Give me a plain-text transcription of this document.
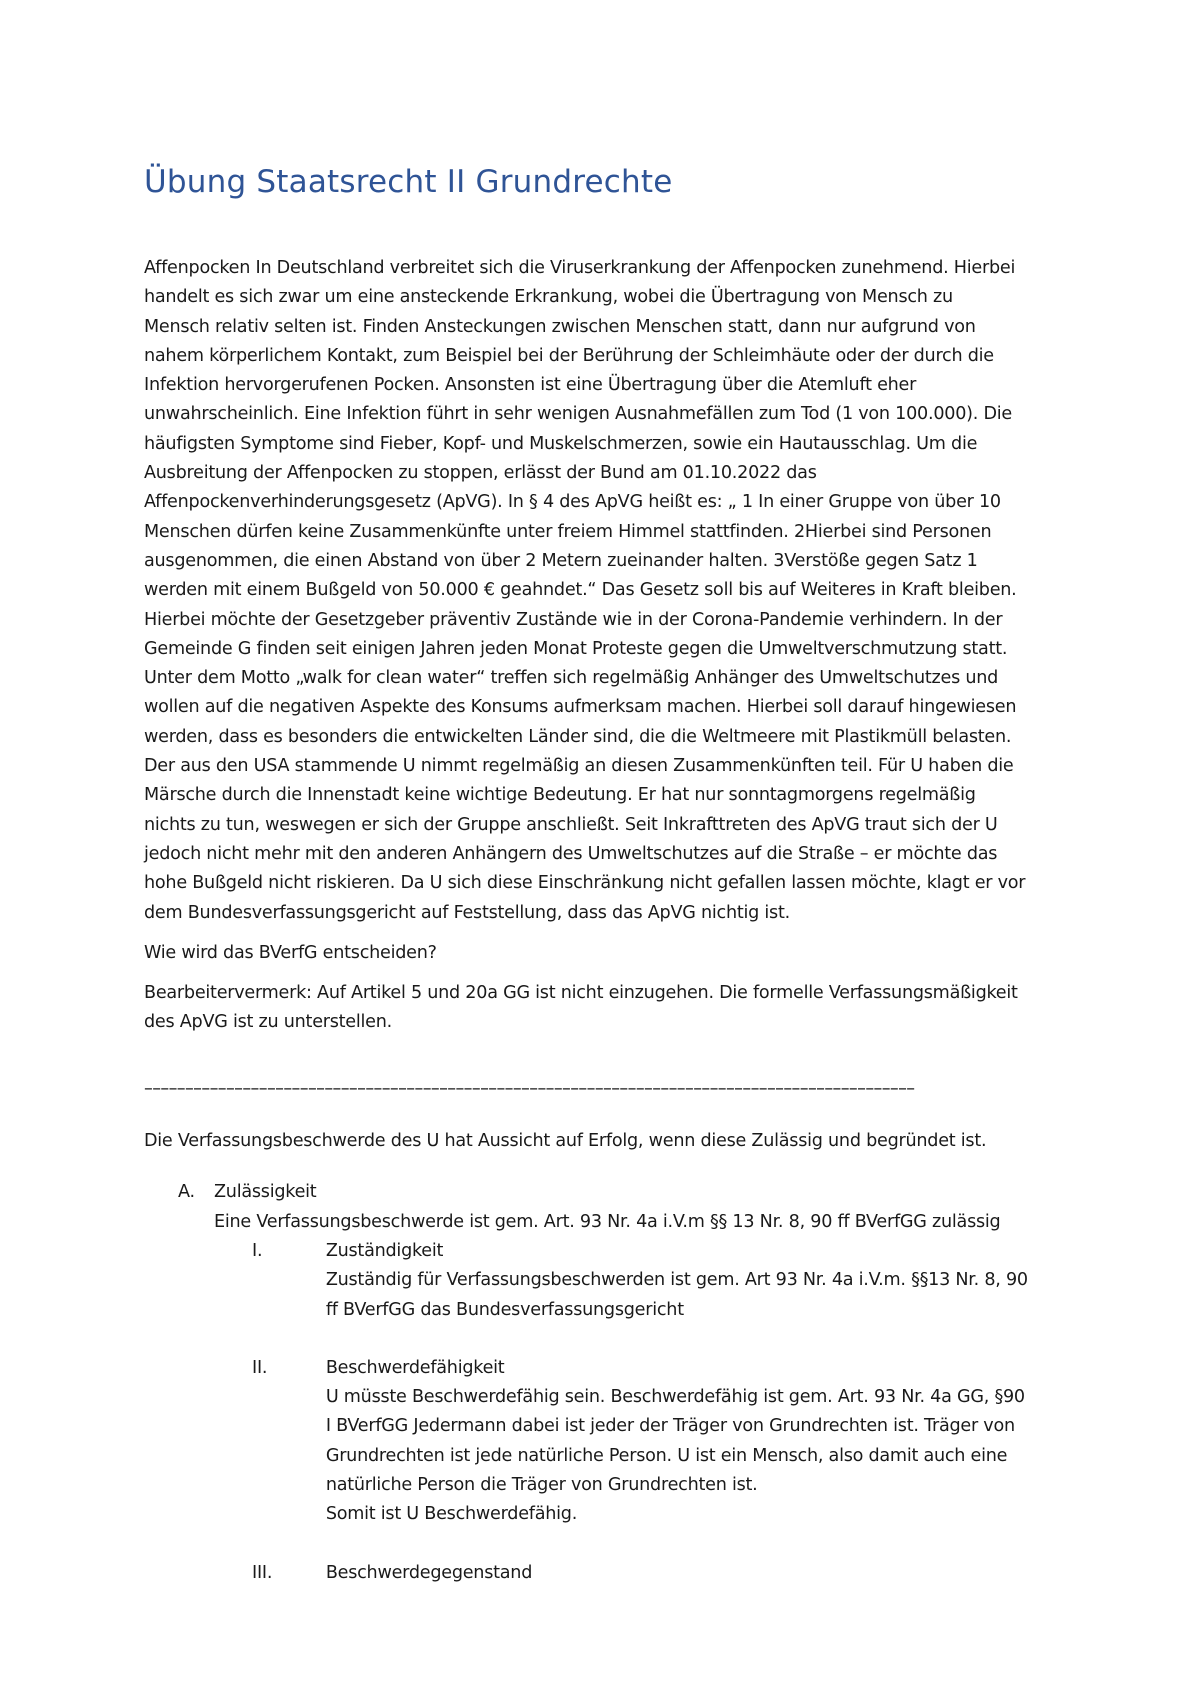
Übung Staatsrecht II Grundrechte

Affenpocken In Deutschland verbreitet sich die Viruserkrankung der Affenpocken zunehmend. Hierbei

handelt es sich zwar um eine ansteckende Erkrankung, wobei die Übertragung von Mensch zu

Mensch relativ selten ist. Finden Ansteckungen zwischen Menschen statt, dann nur aufgrund von

nahem körperlichem Kontakt, zum Beispiel bei der Berührung der Schleimhäute oder der durch die

Infektion hervorgerufenen Pocken. Ansonsten ist eine Übertragung über die Atemluft eher

unwahrscheinlich. Eine Infektion führt in sehr wenigen Ausnahmefällen zum Tod (1 von 100.000). Die

häufigsten Symptome sind Fieber, Kopf- und Muskelschmerzen, sowie ein Hautausschlag. Um die

Ausbreitung der Affenpocken zu stoppen, erlässt der Bund am 01.10.2022 das

Affenpockenverhinderungsgesetz (ApVG). In § 4 des ApVG heißt es: „ 1 In einer Gruppe von über 10

Menschen dürfen keine Zusammenkünfte unter freiem Himmel stattfinden. 2Hierbei sind Personen

ausgenommen, die einen Abstand von über 2 Metern zueinander halten. 3Verstöße gegen Satz 1

werden mit einem Bußgeld von 50.000 € geahndet.“ Das Gesetz soll bis auf Weiteres in Kraft bleiben.

Hierbei möchte der Gesetzgeber präventiv Zustände wie in der Corona-Pandemie verhindern. In der

Gemeinde G finden seit einigen Jahren jeden Monat Proteste gegen die Umweltverschmutzung statt.

Unter dem Motto „walk for clean water“ treffen sich regelmäßig Anhänger des Umweltschutzes und

wollen auf die negativen Aspekte des Konsums aufmerksam machen. Hierbei soll darauf hingewiesen

werden, dass es besonders die entwickelten Länder sind, die die Weltmeere mit Plastikmüll belasten.

Der aus den USA stammende U nimmt regelmäßig an diesen Zusammenkünften teil. Für U haben die

Märsche durch die Innenstadt keine wichtige Bedeutung. Er hat nur sonntagmorgens regelmäßig

nichts zu tun, weswegen er sich der Gruppe anschließt. Seit Inkrafttreten des ApVG traut sich der U

jedoch nicht mehr mit den anderen Anhängern des Umweltschutzes auf die Straße – er möchte das

hohe Bußgeld nicht riskieren. Da U sich diese Einschränkung nicht gefallen lassen möchte, klagt er vor

dem Bundesverfassungsgericht auf Feststellung, dass das ApVG nichtig ist.

Wie wird das BVerfG entscheiden?

Bearbeitervermerk: Auf Artikel 5 und 20a GG ist nicht einzugehen. Die formelle Verfassungsmäßigkeit

des ApVG ist zu unterstellen.

––––––––––––––––––––––––––––––––––––––––––––––––––––––––––––––––––––––––––––––––––––––––––––––

Die Verfassungsbeschwerde des U hat Aussicht auf Erfolg, wenn diese Zulässig und begründet ist.

A.	Zulässigkeit

Eine Verfassungsbeschwerde ist gem. Art. 93 Nr. 4a i.V.m §§ 13 Nr. 8, 90 ff BVerfGG zulässig

I.	Zuständigkeit

Zuständig für Verfassungsbeschwerden ist gem. Art 93 Nr. 4a i.V.m. §§13 Nr. 8, 90

ff BVerfGG das Bundesverfassungsgericht

II.	Beschwerdefähigkeit

U müsste Beschwerdefähig sein. Beschwerdefähig ist gem. Art. 93 Nr. 4a GG, §90

I BVerfGG Jedermann dabei ist jeder der Träger von Grundrechten ist. Träger von

Grundrechten ist jede natürliche Person. U ist ein Mensch, also damit auch eine

natürliche Person die Träger von Grundrechten ist.

Somit ist U Beschwerdefähig.

III.	Beschwerdegegenstand
